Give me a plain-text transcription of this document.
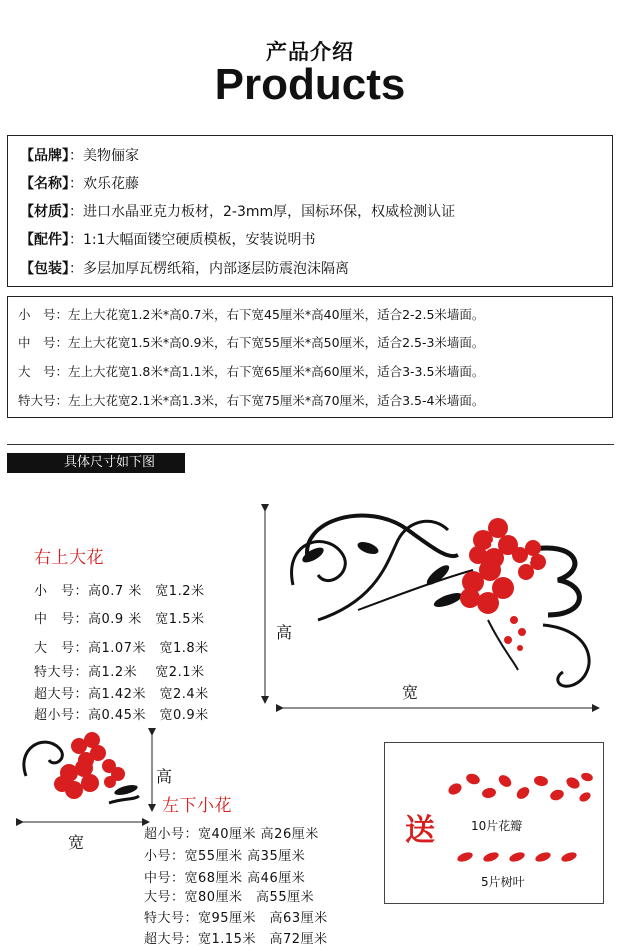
产品介绍
Products
【品牌】：美物俪家
【名称】：欢乐花藤
【材质】：进口水晶亚克力板材，2-3mm厚，国标环保，权威检测认证
【配件】：1:1大幅面镂空硬质模板，安装说明书
【包装】：多层加厚瓦楞纸箱，内部逐层防震泡沫隔离
小　号：左上大花宽1.2米*高0.7米，右下宽45厘米*高40厘米，适合2-2.5米墙面。
中　号：左上大花宽1.5米*高0.9米，右下宽55厘米*高50厘米，适合2.5-3米墙面。
大　号：左上大花宽1.8米*高1.1米，右下宽65厘米*高60厘米，适合3-3.5米墙面。
特大号：左上大花宽2.1米*高1.3米，右下宽75厘米*高70厘米，适合3.5-4米墙面。
具体尺寸如下图
右上大花
小　号：高0.7 米　宽1.2米
中　号：高0.9 米　宽1.5米
大　号：高1.07米　宽1.8米
特大号：高1.2米　 宽2.1米
超大号：高1.42米　宽2.4米
超小号：高0.45米　宽0.9米
高
宽
高
宽
左下小花
超小号：宽40厘米 高26厘米
小号：宽55厘米 高35厘米
中号：宽68厘米 高46厘米
大号：宽80厘米　高55厘米
特大号：宽95厘米　高63厘米
超大号：宽1.15米　高72厘米
送	10片花瓣
5片树叶
